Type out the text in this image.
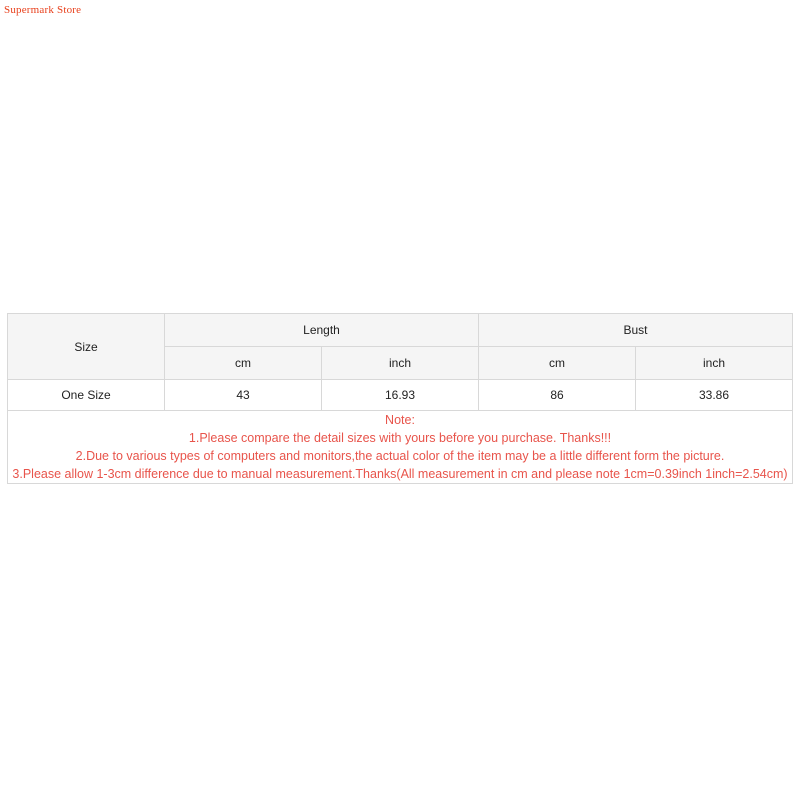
Supermark Store
Size	Length		Bust	
	cm	inch	cm	inch
One Size	43	16.93	86	33.86

Note:
1.Please compare the detail sizes with yours before you purchase. Thanks!!!
2.Due to various types of computers and monitors,the actual color of the item may be a little different form the picture.
3.Please allow 1-3cm difference due to manual measurement.Thanks(All measurement in cm and please note 1cm=0.39inch 1inch=2.54cm)				
